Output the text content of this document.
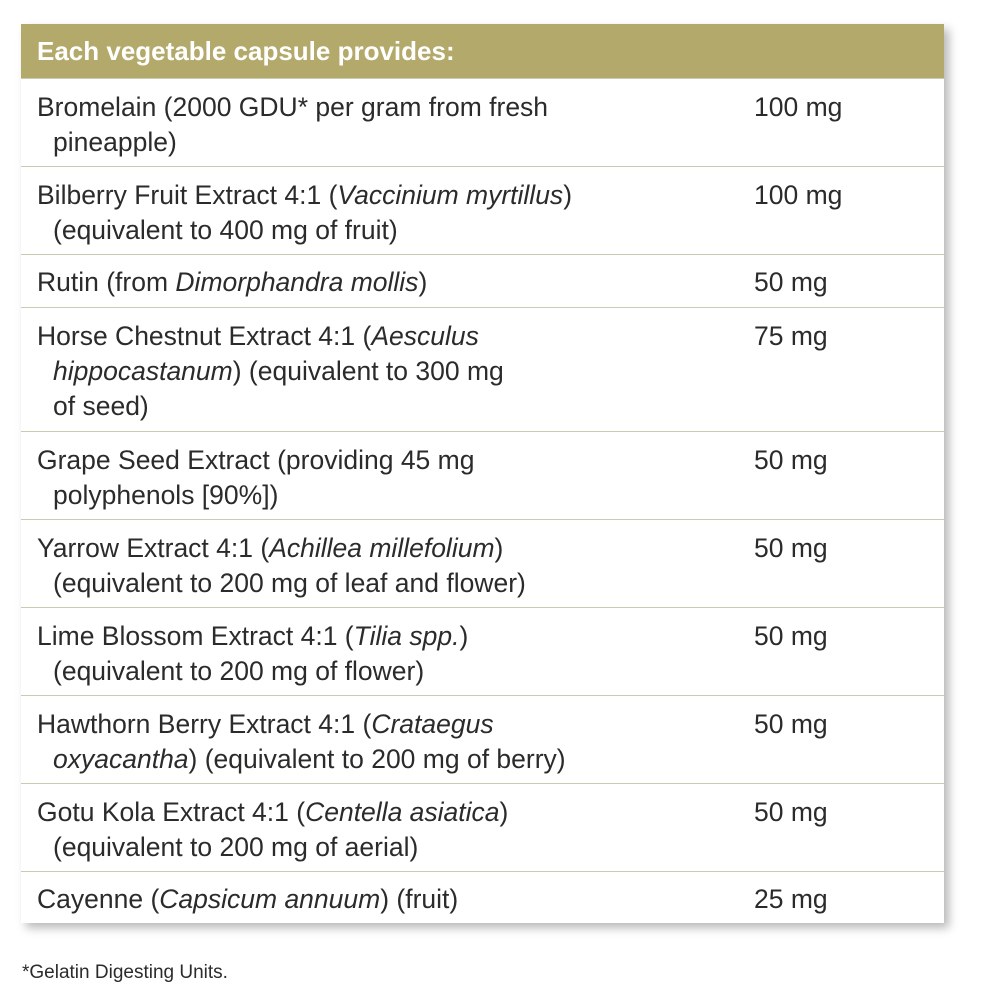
Each vegetable capsule provides:
Bromelain (2000 GDU* per gram from fresh
pineapple)
100 mg
Bilberry Fruit Extract 4:1 (Vaccinium myrtillus)
(equivalent to 400 mg of fruit)
100 mg
Rutin (from Dimorphandra mollis)	50 mg
Horse Chestnut Extract 4:1 (Aesculus
hippocastanum) (equivalent to 300 mg
of seed)
75 mg
Grape Seed Extract (providing 45 mg
polyphenols [90%])
50 mg
Yarrow Extract 4:1 (Achillea millefolium)
(equivalent to 200 mg of leaf and flower)
50 mg
Lime Blossom Extract 4:1 (Tilia spp.)
(equivalent to 200 mg of flower)
50 mg
Hawthorn Berry Extract 4:1 (Crataegus
oxyacantha) (equivalent to 200 mg of berry)
50 mg
Gotu Kola Extract 4:1 (Centella asiatica)
(equivalent to 200 mg of aerial)
50 mg
Cayenne (Capsicum annuum) (fruit)	25 mg
*Gelatin Digesting Units.
